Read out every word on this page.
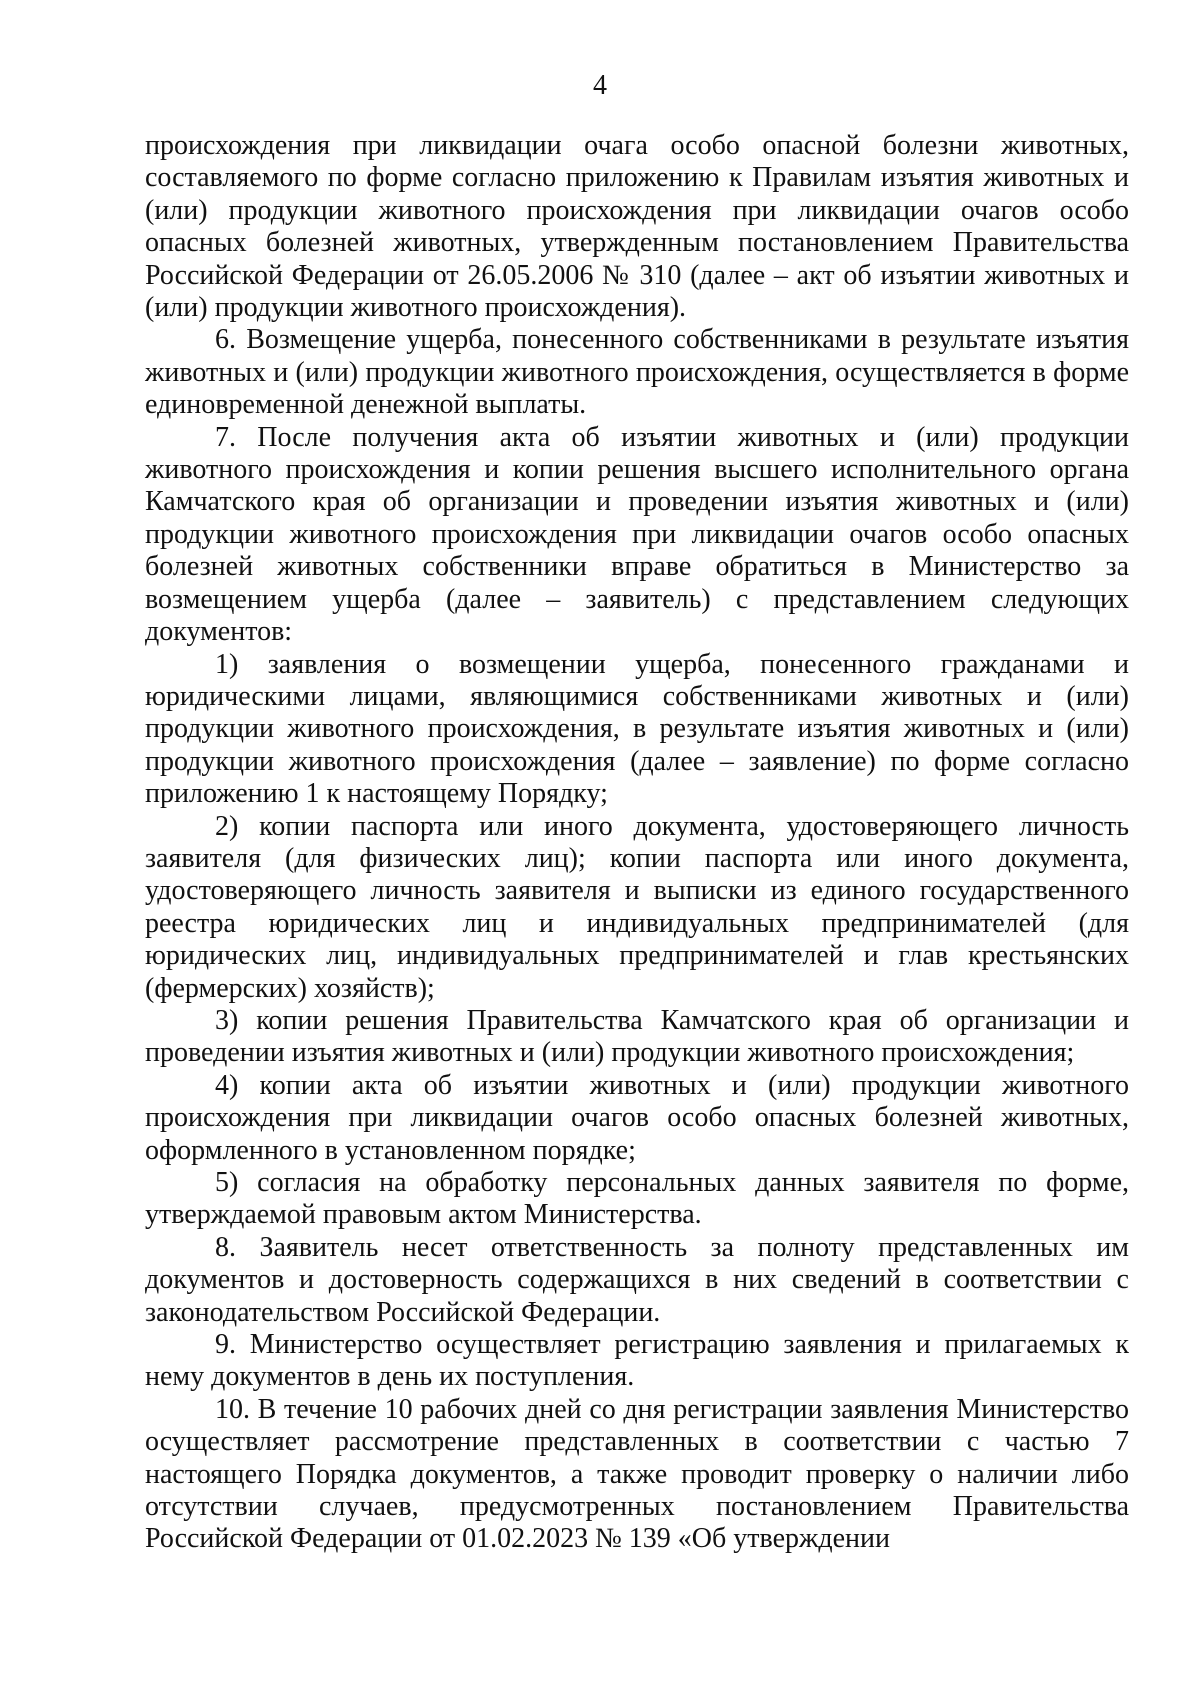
4

происхождения при ликвидации очага особо опасной болезни животных, составляемого по форме согласно приложению к Правилам изъятия животных и (или) продукции животного происхождения при ликвидации очагов особо опасных болезней животных, утвержденным постановлением Правительства Российской Федерации от 26.05.2006 № 310 (далее – акт об изъятии животных и (или) продукции животного происхождения).

6. Возмещение ущерба, понесенного собственниками в результате изъятия животных и (или) продукции животного происхождения, осуществляется в форме единовременной денежной выплаты.

7. После получения акта об изъятии животных и (или) продукции животного происхождения и копии решения высшего исполнительного органа Камчатского края об организации и проведении изъятия животных и (или) продукции животного происхождения при ликвидации очагов особо опасных болезней животных собственники вправе обратиться в Министерство за возмещением ущерба (далее – заявитель) с представлением следующих документов:

1) заявления о возмещении ущерба, понесенного гражданами и юридическими лицами, являющимися собственниками животных и (или) продукции животного происхождения, в результате изъятия животных и (или) продукции животного происхождения (далее – заявление) по форме согласно приложению 1 к настоящему Порядку;

2) копии паспорта или иного документа, удостоверяющего личность заявителя (для физических лиц); копии паспорта или иного документа, удостоверяющего личность заявителя и выписки из единого государственного реестра юридических лиц и индивидуальных предпринимателей (для юридических лиц, индивидуальных предпринимателей и глав крестьянских (фермерских) хозяйств);

3) копии решения Правительства Камчатского края об организации и проведении изъятия животных и (или) продукции животного происхождения;

4) копии акта об изъятии животных и (или) продукции животного происхождения при ликвидации очагов особо опасных болезней животных, оформленного в установленном порядке;

5) согласия на обработку персональных данных заявителя по форме, утверждаемой правовым актом Министерства.

8. Заявитель несет ответственность за полноту представленных им документов и достоверность содержащихся в них сведений в соответствии с законодательством Российской Федерации.

9. Министерство осуществляет регистрацию заявления и прилагаемых к нему документов в день их поступления.

10. В течение 10 рабочих дней со дня регистрации заявления Министерство осуществляет рассмотрение представленных в соответствии с частью 7 настоящего Порядка документов, а также проводит проверку о наличии либо отсутствии случаев, предусмотренных постановлением Правительства Российской Федерации от 01.02.2023 № 139 «Об утверждении
